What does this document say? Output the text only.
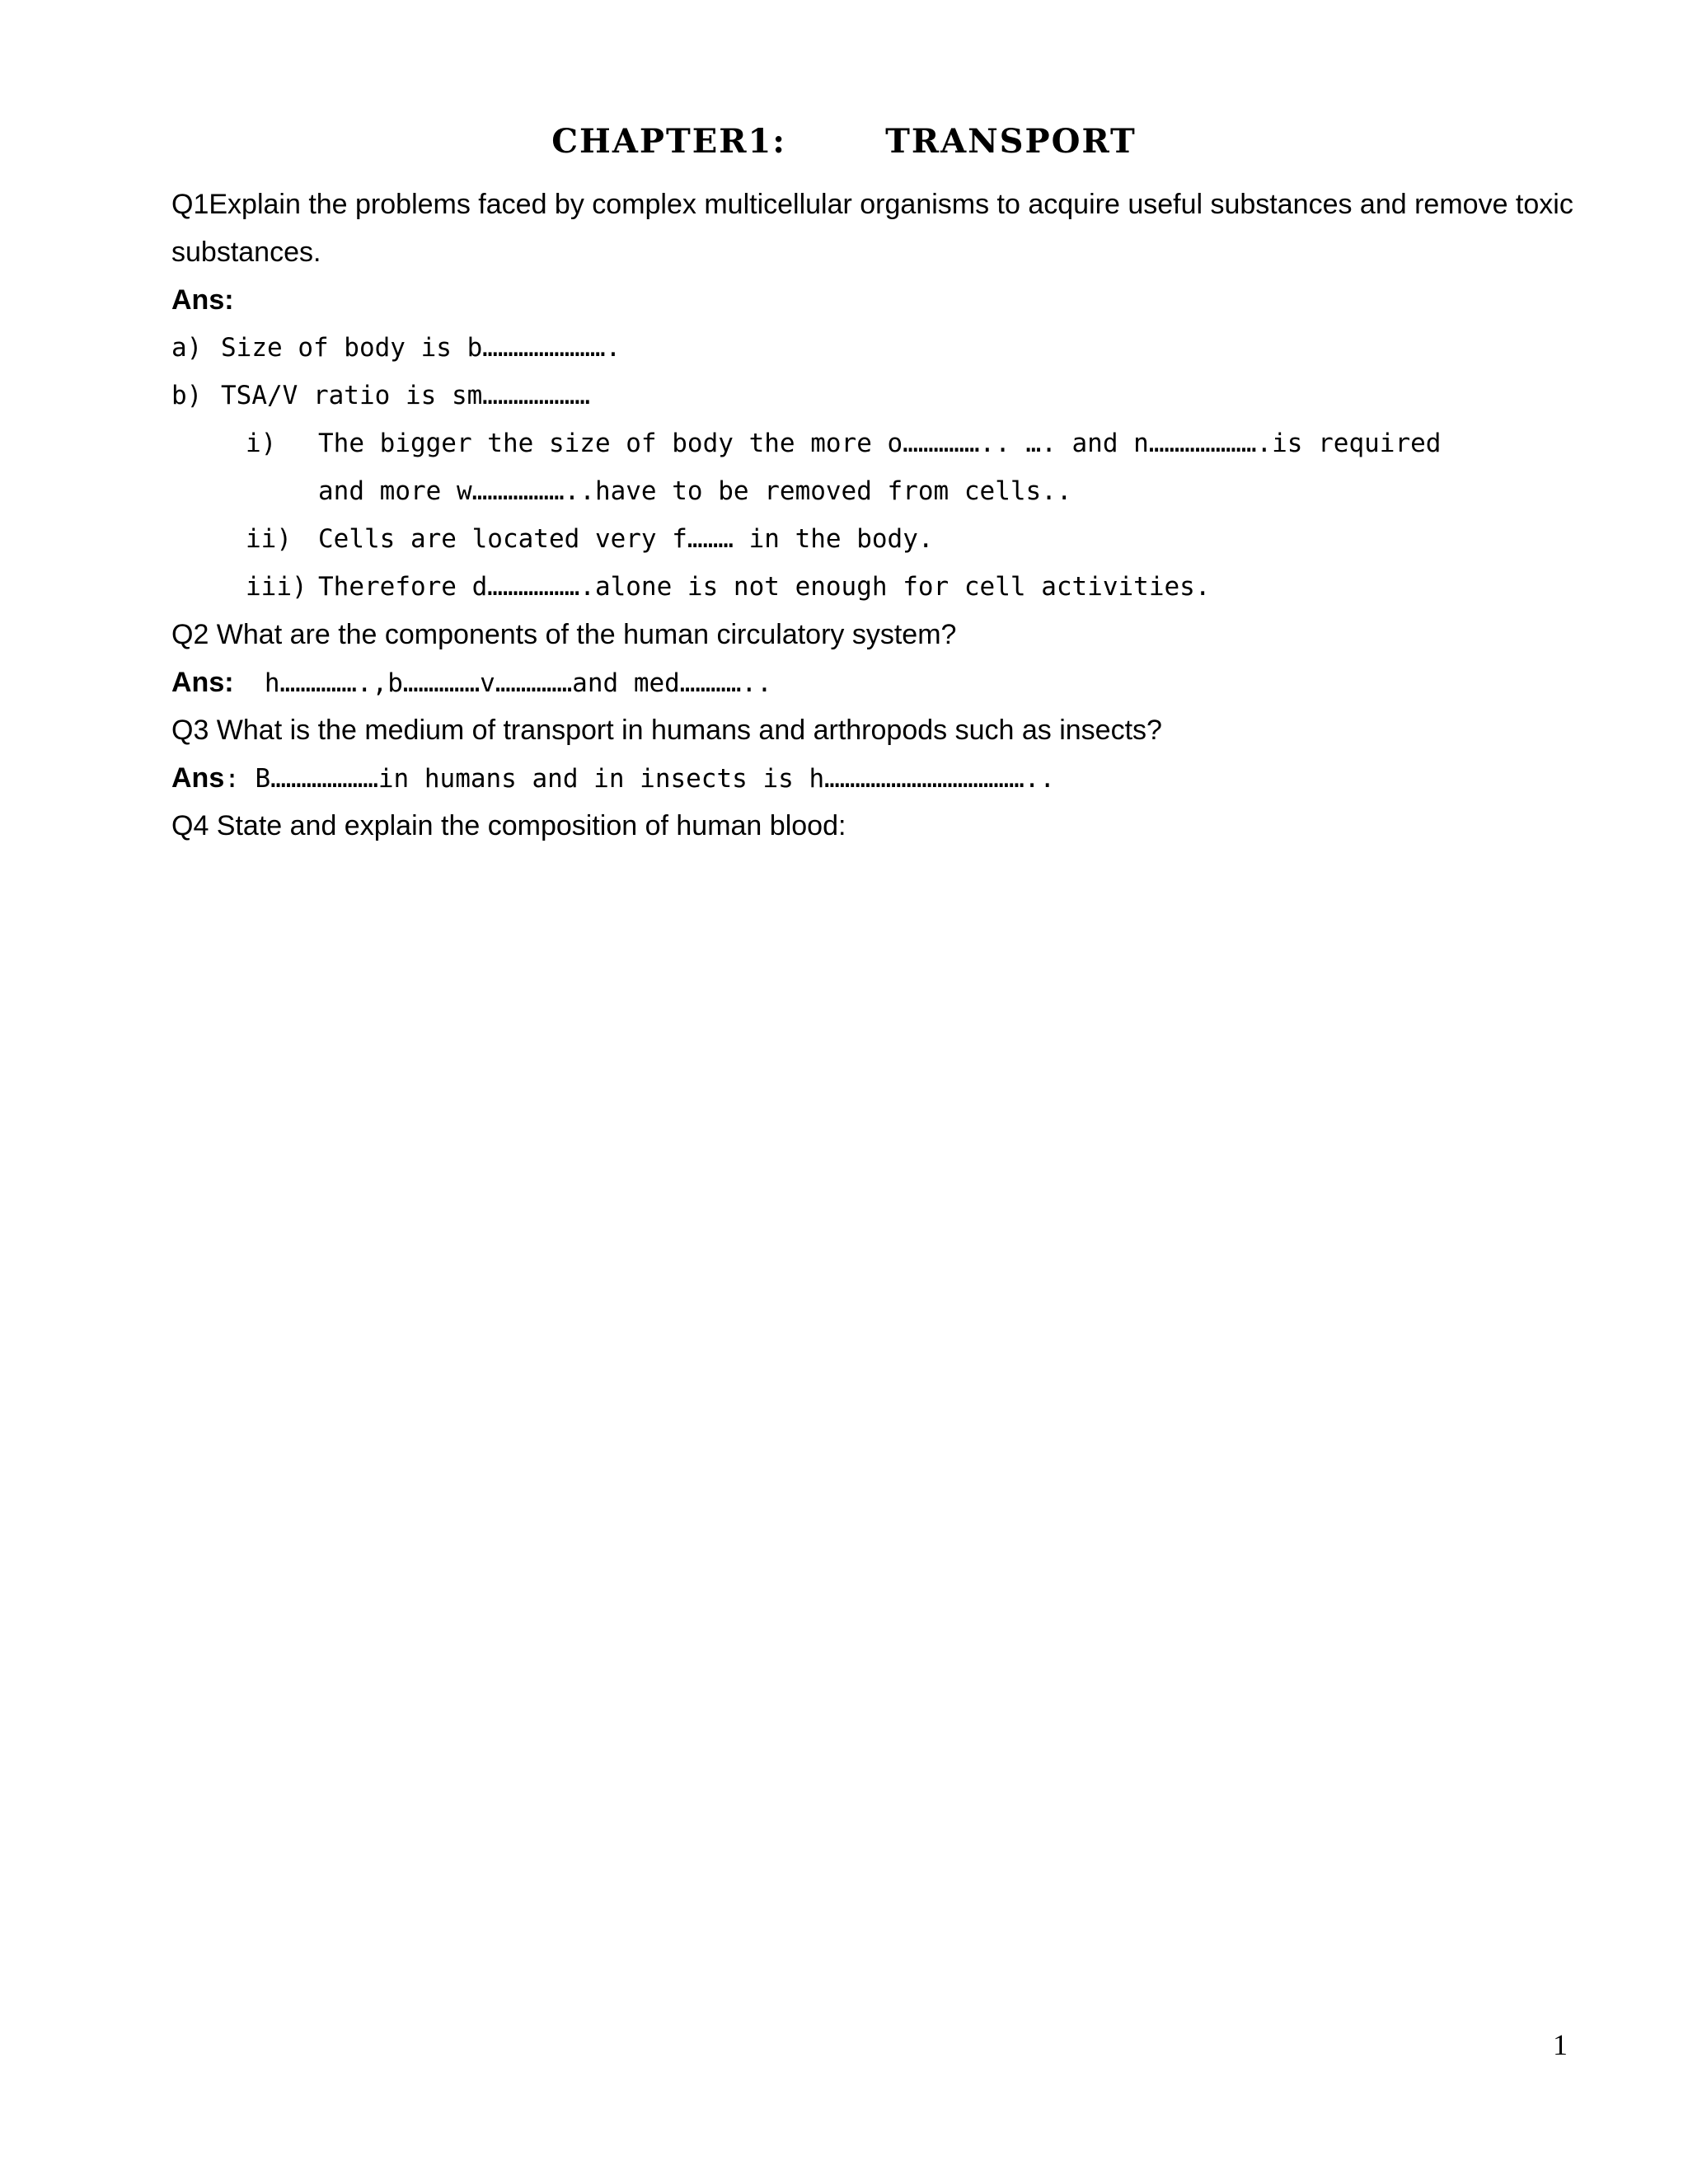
CHAPTER1:	TRANSPORT
Q1Explain the problems faced by complex multicellular organisms to acquire useful substances and remove toxic
substances.
Ans:
a) Size of body is b…………………….
b) TSA/V ratio is sm…………………
i) The bigger the size of body the more o…………….. …. and n………………….is required
and more w………………..have to be removed from cells..
ii) Cells are located very f……… in the body.
iii) Therefore d……………….alone is not enough for cell activities.
Q2 What are the components of the human circulatory system?
Ans:  h…………….,b……………v……………and med…………..
Q3 What is the medium of transport in humans and arthropods such as insects?
Ans: B…………………in humans and in insects is h…………………………………..
Q4 State and explain the composition of human blood:
1
